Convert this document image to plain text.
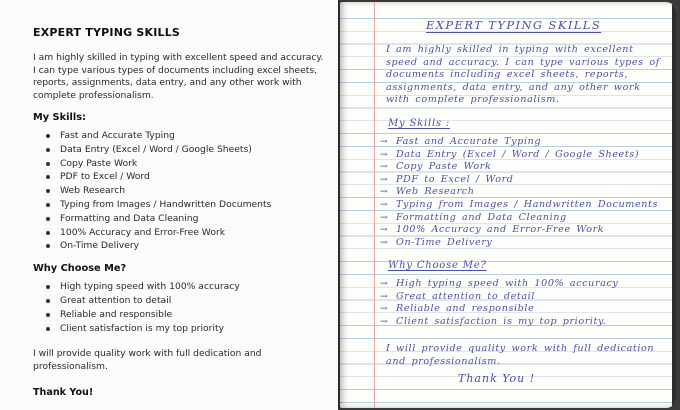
EXPERT TYPING SKILLS

I am highly skilled in typing with excellent speed and accuracy. I can type various types of documents including excel sheets, reports, assignments, data entry, and any other work with complete professionalism.

My Skills:
Fast and Accurate Typing
Data Entry (Excel / Word / Google Sheets)
Copy Paste Work
PDF to Excel / Word
Web Research
Typing from Images / Handwritten Documents
Formatting and Data Cleaning
100% Accuracy and Error-Free Work
On-Time Delivery
Why Choose Me?
High typing speed with 100% accuracy
Great attention to detail
Reliable and responsible
Client satisfaction is my top priority

I will provide quality work with full dedication and professionalism.

Thank You!
EXPERT TYPING SKILLS
I am highly skilled in typing with excellent speed and accuracy. I can type various types of documents including excel sheets, reports, assignments, data entry, and any other work with complete professionalism.
My Skills :
→ Fast and Accurate Typing
→ Data Entry (Excel / Word / Google Sheets)
→ Copy Paste Work
→ PDF to Excel / Word
→ Web Research
→ Typing from Images / Handwritten Documents
→ Formatting and Data Cleaning
→ 100% Accuracy and Error-Free Work
→ On-Time Delivery
Why Choose Me?
→ High typing speed with 100% accuracy
→ Great attention to detail
→ Reliable and responsible
→ Client satisfaction is my top priority.
I will provide quality work with full dedication and professionalism.
Thank You !
